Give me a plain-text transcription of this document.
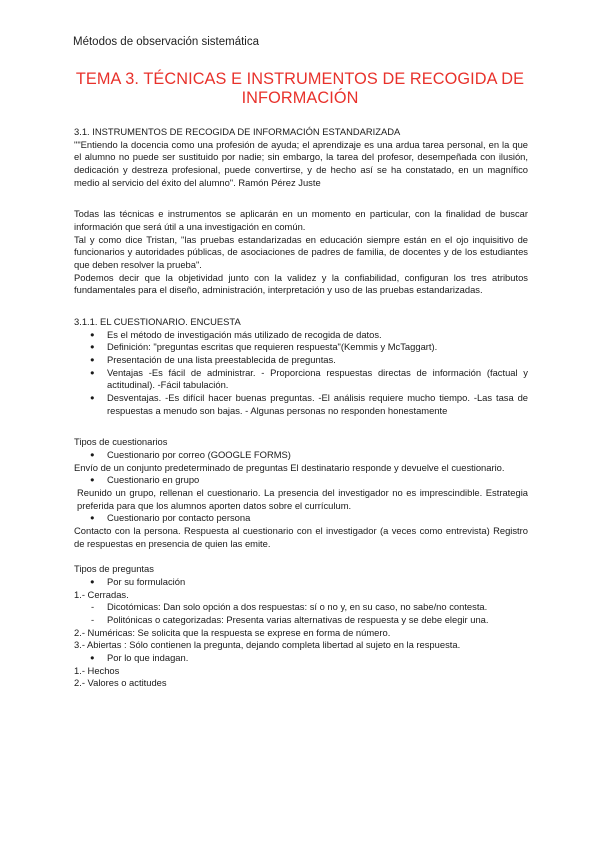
Métodos de observación sistemática
TEMA 3. TÉCNICAS E INSTRUMENTOS DE RECOGIDA DE
INFORMACIÓN

3.1. INSTRUMENTOS DE RECOGIDA DE INFORMACIÓN ESTANDARIZADA

""Entiendo la docencia como una profesión de ayuda; el aprendizaje es una ardua tarea personal, en la que el alumno no puede ser sustituido por nadie; sin embargo, la tarea del profesor, desempeñada con ilusión, dedicación y destreza profesional, puede convertirse, y de hecho así se ha constatado, en un magnífico medio al servicio del éxito del alumno". Ramón Pérez Juste

Todas las técnicas e instrumentos se aplicarán en un momento en particular, con la finalidad de buscar información que será útil a una investigación en común.

Tal y como dice Tristan, "las pruebas estandarizadas en educación siempre están en el ojo inquisitivo de funcionarios y autoridades públicas, de asociaciones de padres de familia, de docentes y de los estudiantes que deben resolver la prueba".

Podemos decir que la objetividad junto con la validez y la confiabilidad, configuran los tres atributos fundamentales para el diseño, administración, interpretación y uso de las pruebas estandarizadas.

3.1.1. EL CUESTIONARIO. ENCUESTA

● Es el método de investigación más utilizado de recogida de datos.

● Definición: "preguntas escritas que requieren respuesta"(Kemmis y McTaggart).

● Presentación de una lista preestablecida de preguntas.

● Ventajas -Es fácil de administrar. - Proporciona respuestas directas de información (factual y actitudinal). -Fácil tabulación.

● Desventajas. -Es difícil hacer buenas preguntas. -El análisis requiere mucho tiempo. -Las tasa de respuestas a menudo son bajas. - Algunas personas no responden honestamente

Tipos de cuestionarios

● Cuestionario por correo (GOOGLE FORMS)

Envío de un conjunto predeterminado de preguntas El destinatario responde y devuelve el cuestionario.

● Cuestionario en grupo

Reunido un grupo, rellenan el cuestionario. La presencia del investigador no es imprescindible. Estrategia preferida para que los alumnos aporten datos sobre el currículum.

● Cuestionario por contacto persona

Contacto con la persona. Respuesta al cuestionario con el investigador (a veces como entrevista) Registro de respuestas en presencia de quien las emite.

Tipos de preguntas

● Por su formulación

1.- Cerradas.

- Dicotómicas: Dan solo opción a dos respuestas: sí o no y, en su caso, no sabe/no contesta.

- Politónicas o categorizadas: Presenta varias alternativas de respuesta y se debe elegir una.

2.- Numéricas: Se solicita que la respuesta se exprese en forma de número.

3.- Abiertas : Sólo contienen la pregunta, dejando completa libertad al sujeto en la respuesta.

● Por lo que indagan.

1.- Hechos

2.- Valores o actitudes
